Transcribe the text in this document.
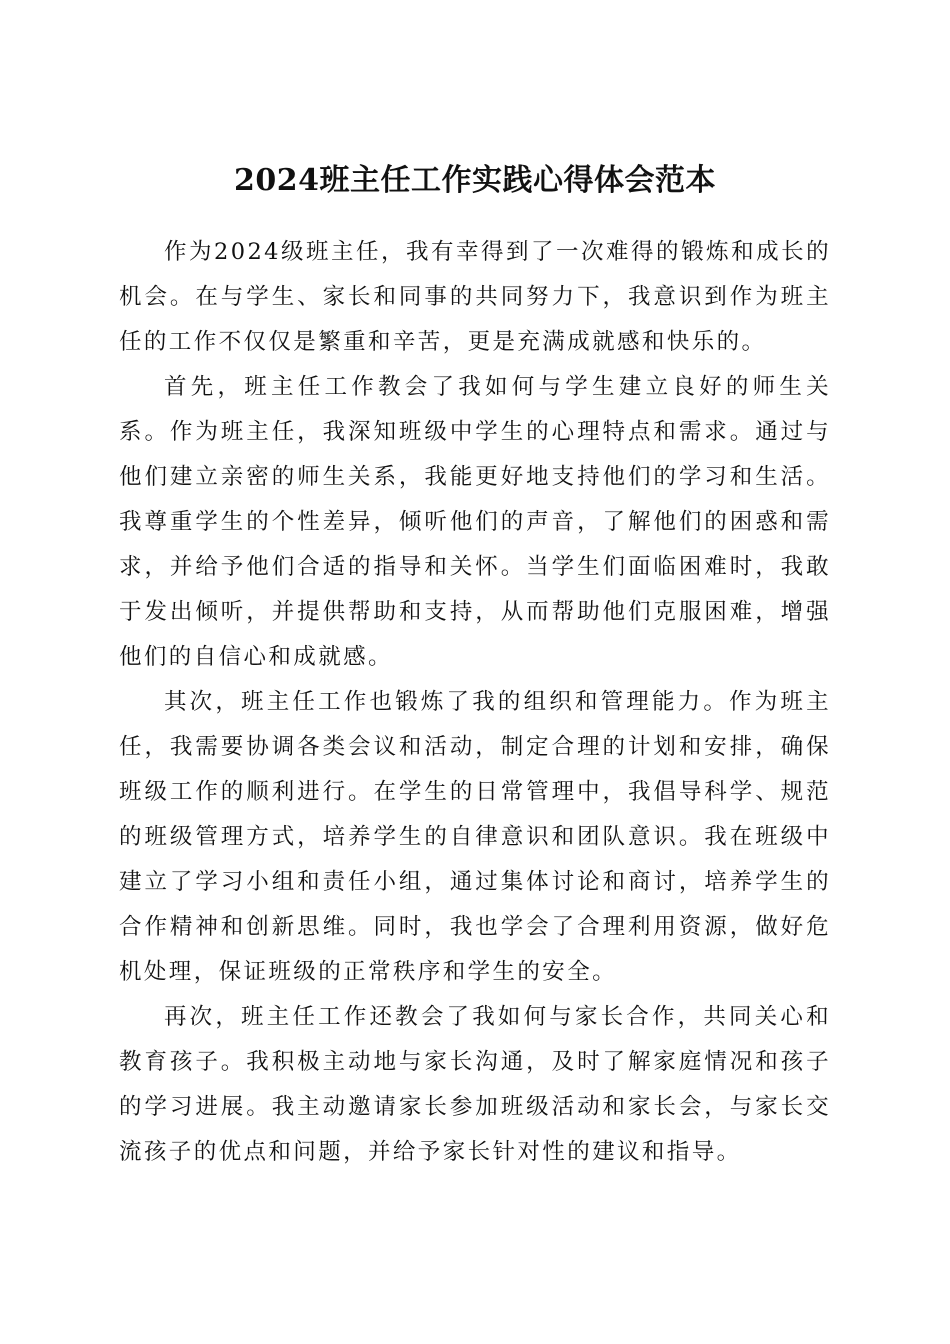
2024班主任工作实践心得体会范本

作为2024级班主任，我有幸得到了一次难得的锻炼和成长的机会。在与学生、家长和同事的共同努力下，我意识到作为班主任的工作不仅仅是繁重和辛苦，更是充满成就感和快乐的。

首先，班主任工作教会了我如何与学生建立良好的师生关系。作为班主任，我深知班级中学生的心理特点和需求。通过与他们建立亲密的师生关系，我能更好地支持他们的学习和生活。我尊重学生的个性差异，倾听他们的声音，了解他们的困惑和需求，并给予他们合适的指导和关怀。当学生们面临困难时，我敢于发出倾听，并提供帮助和支持，从而帮助他们克服困难，增强他们的自信心和成就感。

其次，班主任工作也锻炼了我的组织和管理能力。作为班主任，我需要协调各类会议和活动，制定合理的计划和安排，确保班级工作的顺利进行。在学生的日常管理中，我倡导科学、规范的班级管理方式，培养学生的自律意识和团队意识。我在班级中建立了学习小组和责任小组，通过集体讨论和商讨，培养学生的合作精神和创新思维。同时，我也学会了合理利用资源，做好危机处理，保证班级的正常秩序和学生的安全。

再次，班主任工作还教会了我如何与家长合作，共同关心和教育孩子。我积极主动地与家长沟通，及时了解家庭情况和孩子的学习进展。我主动邀请家长参加班级活动和家长会，与家长交流孩子的优点和问题，并给予家长针对性的建议和指导。
